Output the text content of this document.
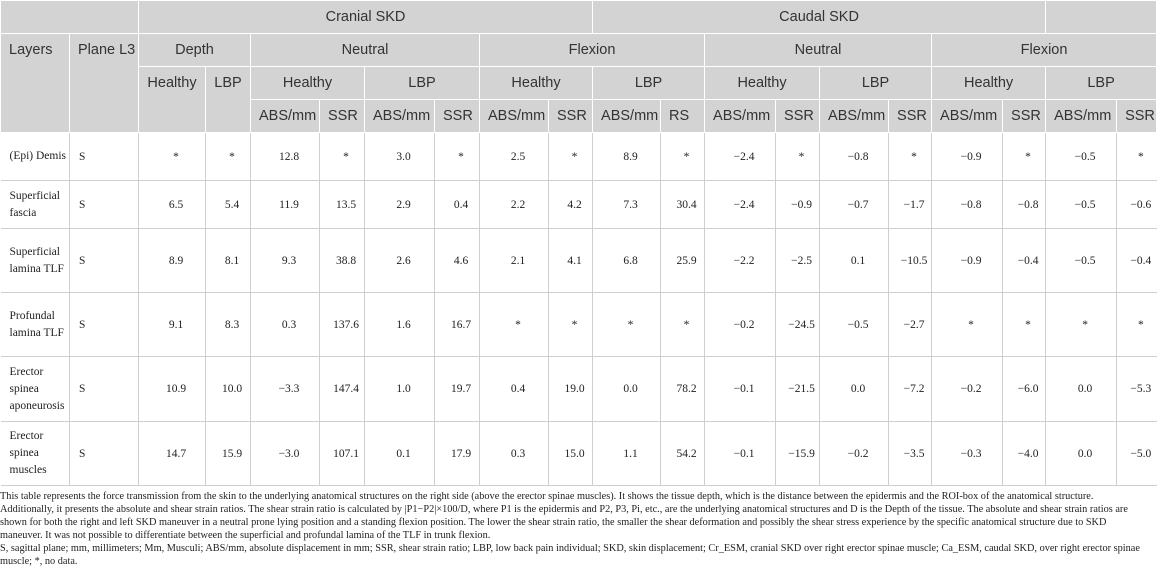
		Cranial SKD								Caudal SKD										
Layers	Plane L3	Depth		Neutral				Flexion				Neutral				Flexion				
		Healthy	LBP	Healthy		LBP		Healthy		LBP		Healthy		LBP		Healthy		LBP		
				ABS/mm	SSR	ABS/mm	SSR	ABS/mm	SSR	ABS/mm	RS	ABS/mm	SSR	ABS/mm	SSR	ABS/mm	SSR	ABS/mm	SSR	
(Epi) Demis	S	*	*	12.8	*	3.0	*	2.5	*	8.9	*	−2.4	*	−0.8	*	−0.9	*	−0.5	*	
Superficial fascia	S	6.5	5.4	11.9	13.5	2.9	0.4	2.2	4.2	7.3	30.4	−2.4	−0.9	−0.7	−1.7	−0.8	−0.8	−0.5	−0.6	
Superficial lamina TLF	S	8.9	8.1	9.3	38.8	2.6	4.6	2.1	4.1	6.8	25.9	−2.2	−2.5	0.1	−10.5	−0.9	−0.4	−0.5	−0.4	
Profundal lamina TLF	S	9.1	8.3	0.3	137.6	1.6	16.7	*	*	*	*	−0.2	−24.5	−0.5	−2.7	*	*	*	*	
Erector spinea aponeurosis	S	10.9	10.0	−3.3	147.4	1.0	19.7	0.4	19.0	0.0	78.2	−0.1	−21.5	0.0	−7.2	−0.2	−6.0	0.0	−5.3	
Erector spinea muscles	S	14.7	15.9	−3.0	107.1	0.1	17.9	0.3	15.0	1.1	54.2	−0.1	−15.9	−0.2	−3.5	−0.3	−4.0	0.0	−5.0	

This table represents the force transmission from the skin to the underlying anatomical structures on the right side (above the erector spinae muscles). It shows the tissue depth, which is the distance between the epidermis and the ROI-box of the anatomical structure. Additionally, it presents the absolute and shear strain ratios. The shear strain ratio is calculated by |P1−P2|×100/D, where P1 is the epidermis and P2, P3, Pi, etc., are the underlying anatomical structures and D is the Depth of the tissue. The absolute and shear strain ratios are shown for both the right and left SKD maneuver in a neutral prone lying position and a standing flexion position. The lower the shear strain ratio, the smaller the shear deformation and possibly the shear stress experience by the specific anatomical structure due to SKD maneuver. It was not possible to differentiate between the superficial and profundal lamina of the TLF in trunk flexion.

S, sagittal plane; mm, millimeters; Mm, Musculi; ABS/mm, absolute displacement in mm; SSR, shear strain ratio; LBP, low back pain individual; SKD, skin displacement; Cr_ESM, cranial SKD over right erector spinae muscle; Ca_ESM, caudal SKD, over right erector spinae muscle; *, no data.
